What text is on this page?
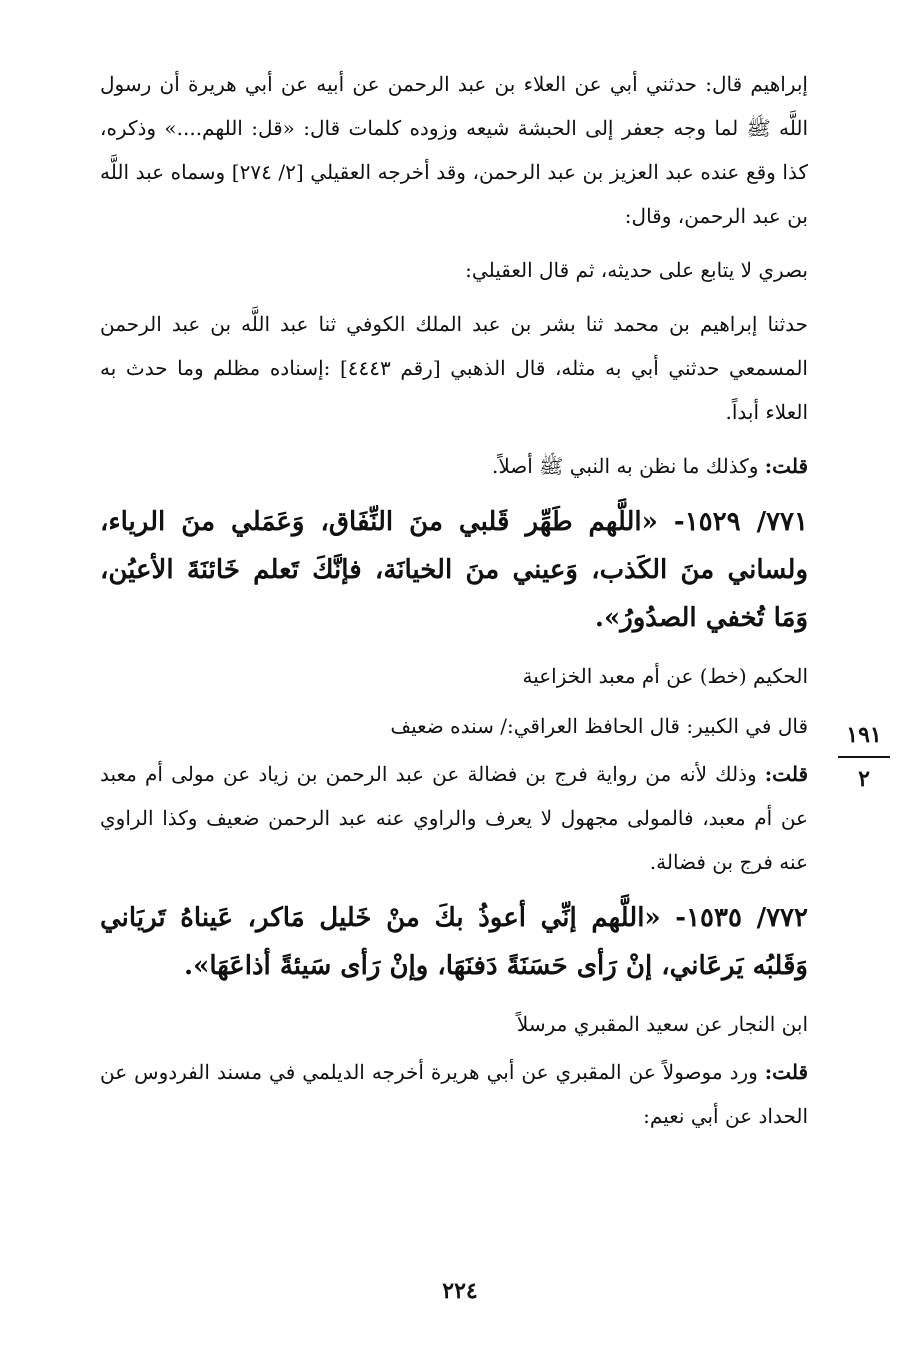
إبراهيم قال: حدثني أبي عن العلاء بن عبد الرحمن عن أبيه عن أبي هريرة أن رسول اللَّه ﷺ لما وجه جعفر إلى الحبشة شيعه وزوده كلمات قال: «قل: اللهم....» وذكره، كذا وقع عنده عبد العزيز بن عبد الرحمن، وقد أخرجه العقيلي [٢/ ٢٧٤] وسماه عبد اللَّه بن عبد الرحمن، وقال:

بصري لا يتابع على حديثه، ثم قال العقيلي:

حدثنا إبراهيم بن محمد ثنا بشر بن عبد الملك الكوفي ثنا عبد اللَّه بن عبد الرحمن المسمعي حدثني أبي به مثله، قال الذهبي [رقم ٤٤٤٣] :إسناده مظلم وما حدث به العلاء أبداً.

قلت: وكذلك ما نظن به النبي ﷺ أصلاً.

٧٧١/ ١٥٢٩- «اللَّهم طَهِّر قَلبي منَ النِّفَاق، وَعَمَلي منَ الرياء، ولساني منَ الكَذب، وَعيني منَ الخيانَة، فإنَّكَ تَعلم خَائنَةَ الأعيُن، وَمَا تُخفي الصدُورُ».

الحكيم (خط) عن أم معبد الخزاعية

قال في الكبير: قال الحافظ العراقي:/ سنده ضعيف

قلت: وذلك لأنه من رواية فرج بن فضالة عن عبد الرحمن بن زياد عن مولى أم معبد عن أم معبد، فالمولى مجهول لا يعرف والراوي عنه عبد الرحمن ضعيف وكذا الراوي عنه فرج بن فضالة.

٧٧٢/ ١٥٣٥- «اللَّهم إنِّي أعوذُ بكَ منْ خَليل مَاكر، عَيناهُ تَريَاني وَقَلبُه يَرعَاني، إنْ رَأى حَسَنَةً دَفنَهَا، وإنْ رَأى سَيئةً أذاعَهَا».

ابن النجار عن سعيد المقبري مرسلاً

قلت: ورد موصولاً عن المقبري عن أبي هريرة أخرجه الديلمي في مسند الفردوس عن الحداد عن أبي نعيم:

١٩١
٢
٢٢٤
